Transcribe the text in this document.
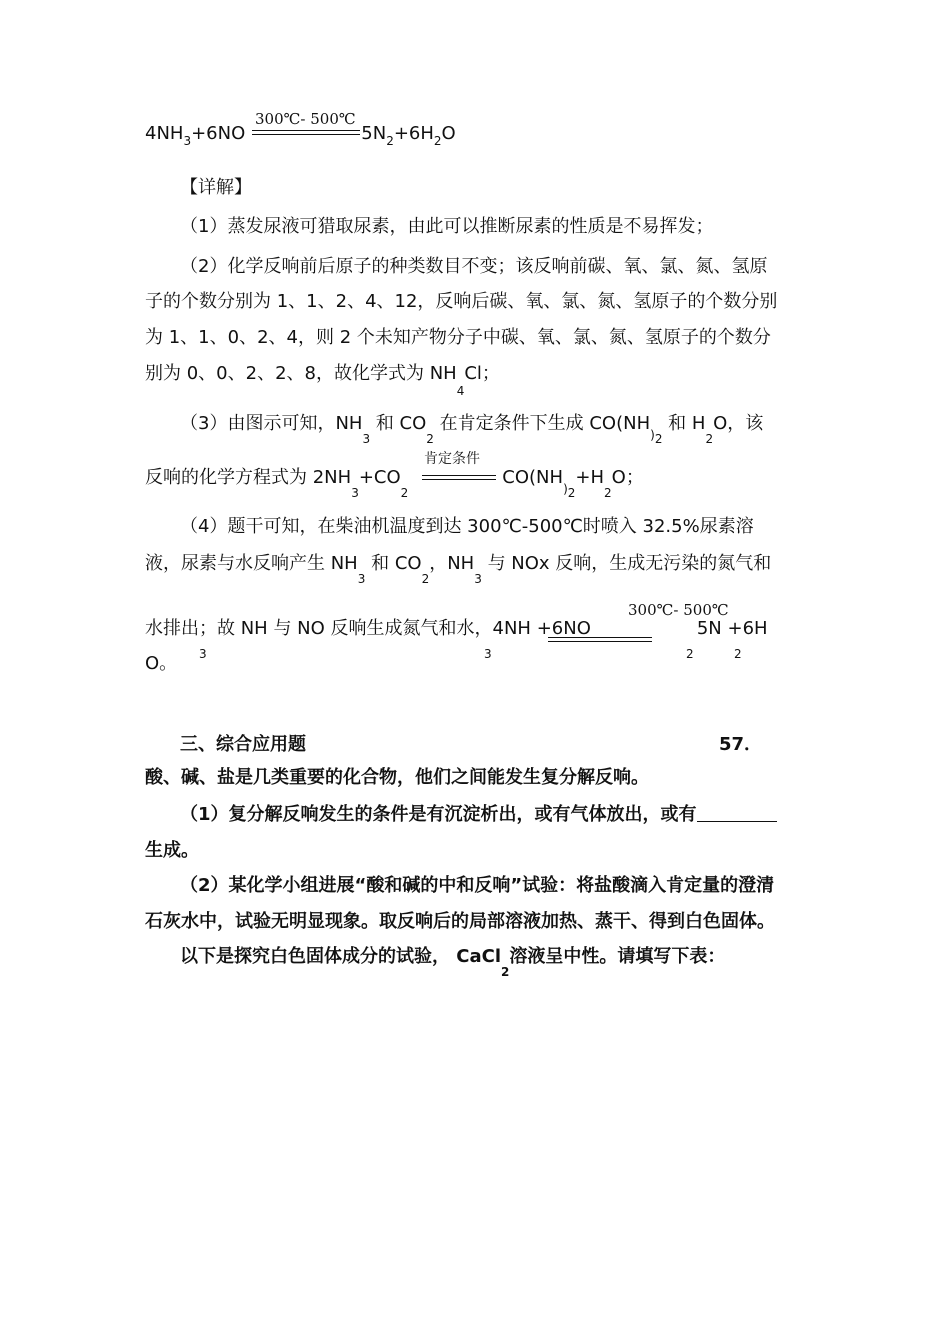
300℃- 500℃
$4NH_3+6NO$	$5N_2+6H_2O$
【详解】
（1）蒸发尿液可猎取尿素，由此可以推断尿素的性质是不易挥发；
（2）化学反响前后原子的种类数目不变；该反响前碳、氧、氯、氮、氢原
子的个数分别为 1、1、2、4、12，反响后碳、氧、氯、氮、氢原子的个数分别
为 1、1、0、2、4，则 2 个未知产物分子中碳、氧、氯、氮、氢原子的个数分
别为 0、0、2、2、8，故化学式为 $NH_4Cl$；
（3）由图示可知，$NH_3$ 和 $CO_2$ 在肯定条件下生成 $CO(NH_{)2}$ 和 $H_2O$，该
肯定条件
反响的化学方程式为 $2NH_3+CO_2CO(NH_{)2}+H_2O$；
（4）题干可知，在柴油机温度到达 300℃-500℃时喷入 32.5%尿素溶
液，尿素与水反响产生 $NH_3$ 和 $CO_2$，$NH_3$ 与 NOx 反响，生成无污染的氮气和
300℃- 500℃
水排出；故 NH 与 NO 反响生成氮气和水，4NH +6NO	5N +6H
3	3	2	2
O。
三、综合应用题	57．
酸、碱、盐是几类重要的化合物，他们之间能发生复分解反响。
（1）复分解反响发生的条件是有沉淀析出，或有气体放出，或有
生成。
（2）某化学小组进展“酸和碱的中和反响”试验：将盐酸滴入肯定量的澄清
石灰水中，试验无明显现象。取反响后的局部溶液加热、蒸干、得到白色固体。
以下是探究白色固体成分的试验， CaCl$_2$溶液呈中性。请填写下表：
